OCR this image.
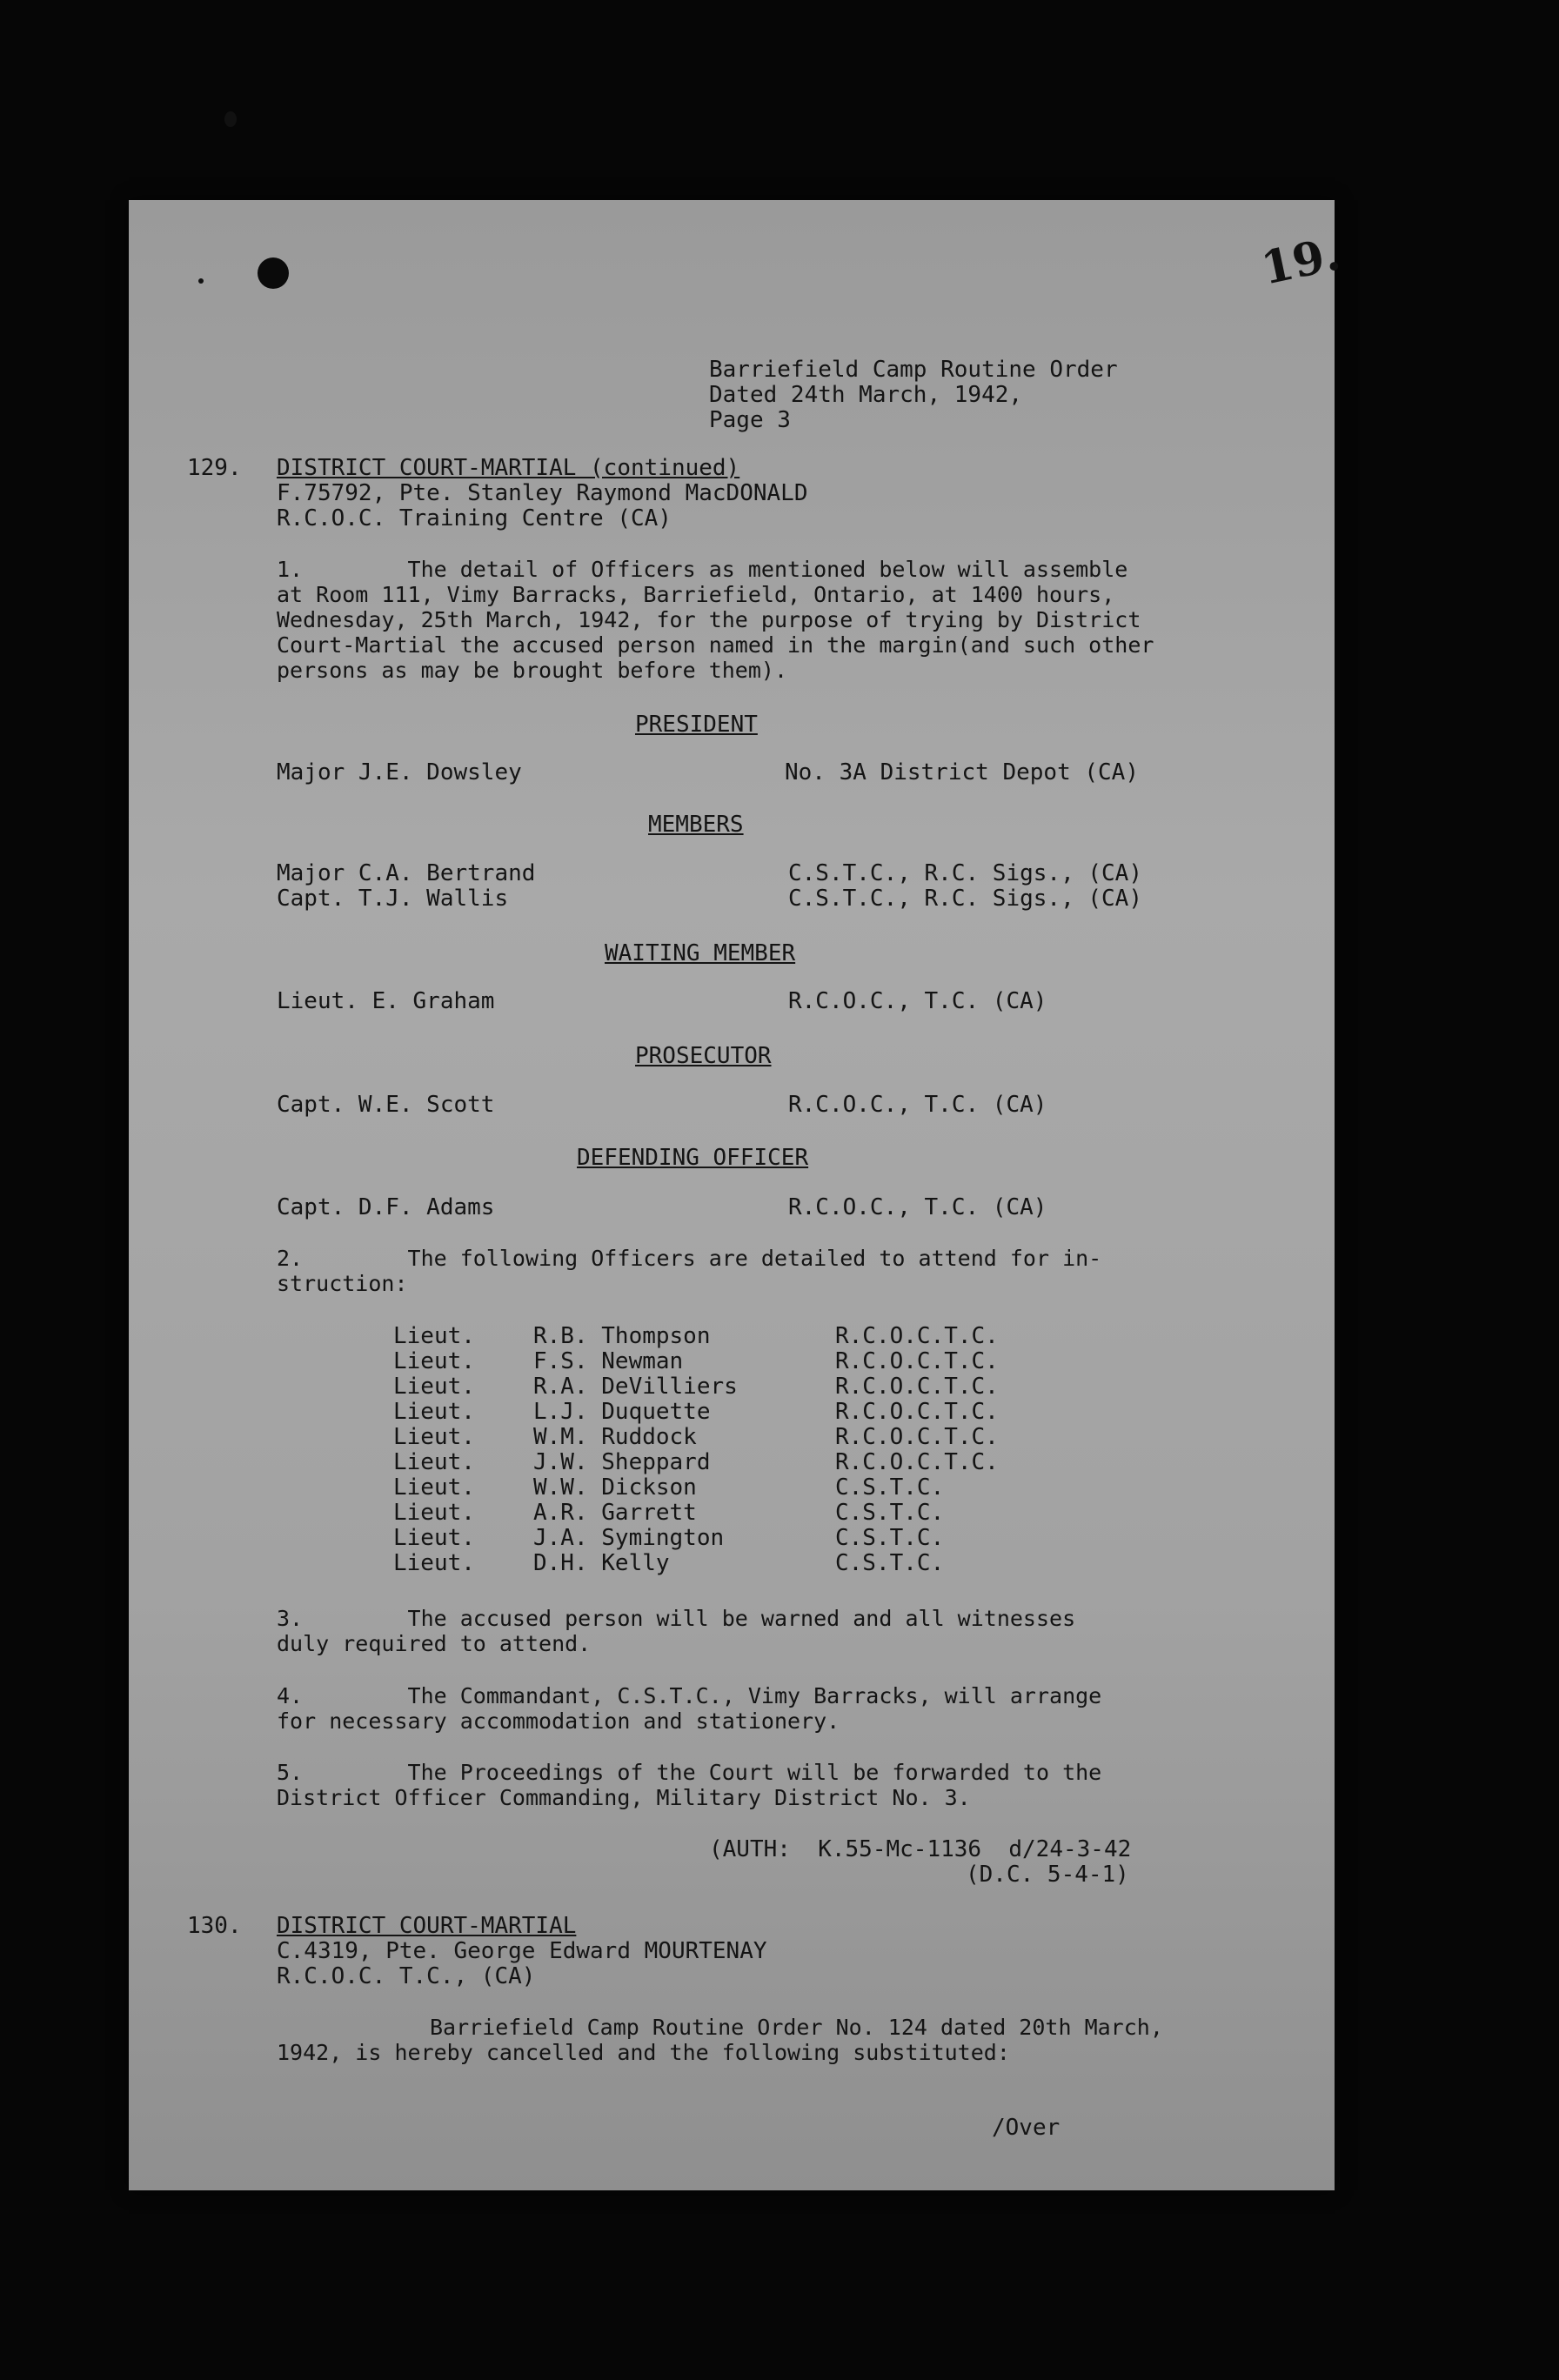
19.
Barriefield Camp Routine Order
Dated 24th March, 1942,
Page 3
129. DISTRICT COURT-MARTIAL (continued)
F.75792, Pte. Stanley Raymond MacDONALD
R.C.O.C. Training Centre (CA)
1.        The detail of Officers as mentioned below will assemble
at Room 111, Vimy Barracks, Barriefield, Ontario, at 1400 hours,
Wednesday, 25th March, 1942, for the purpose of trying by District
Court-Martial the accused person named in the margin(and such other
persons as may be brought before them).
PRESIDENT
Major J.E. Dowsley	No. 3A District Depot (CA)
MEMBERS
Major C.A. Bertrand	C.S.T.C., R.C. Sigs., (CA)
Capt. T.J. Wallis	C.S.T.C., R.C. Sigs., (CA)
WAITING MEMBER
Lieut. E. Graham	R.C.O.C., T.C. (CA)
PROSECUTOR
Capt. W.E. Scott	R.C.O.C., T.C. (CA)
DEFENDING OFFICER
Capt. D.F. Adams	R.C.O.C., T.C. (CA)
2.        The following Officers are detailed to attend for in-
struction:
Lieut.	R.B. Thompson	R.C.O.C.T.C.
Lieut.	F.S. Newman	R.C.O.C.T.C.
Lieut.	R.A. DeVilliers	R.C.O.C.T.C.
Lieut.	L.J. Duquette	R.C.O.C.T.C.
Lieut.	W.M. Ruddock	R.C.O.C.T.C.
Lieut.	J.W. Sheppard	R.C.O.C.T.C.
Lieut.	W.W. Dickson	C.S.T.C.
Lieut.	A.R. Garrett	C.S.T.C.
Lieut.	J.A. Symington	C.S.T.C.
Lieut.	D.H. Kelly	C.S.T.C.
3.        The accused person will be warned and all witnesses
duly required to attend.
4.        The Commandant, C.S.T.C., Vimy Barracks, will arrange
for necessary accommodation and stationery.
5.        The Proceedings of the Court will be forwarded to the
District Officer Commanding, Military District No. 3.
(AUTH:  K.55-Mc-1136  d/24-3-42
(D.C. 5-4-1)
130. DISTRICT COURT-MARTIAL
C.4319, Pte. George Edward MOURTENAY
R.C.O.C. T.C., (CA)
Barriefield Camp Routine Order No. 124 dated 20th March,
1942, is hereby cancelled and the following substituted:
/Over
